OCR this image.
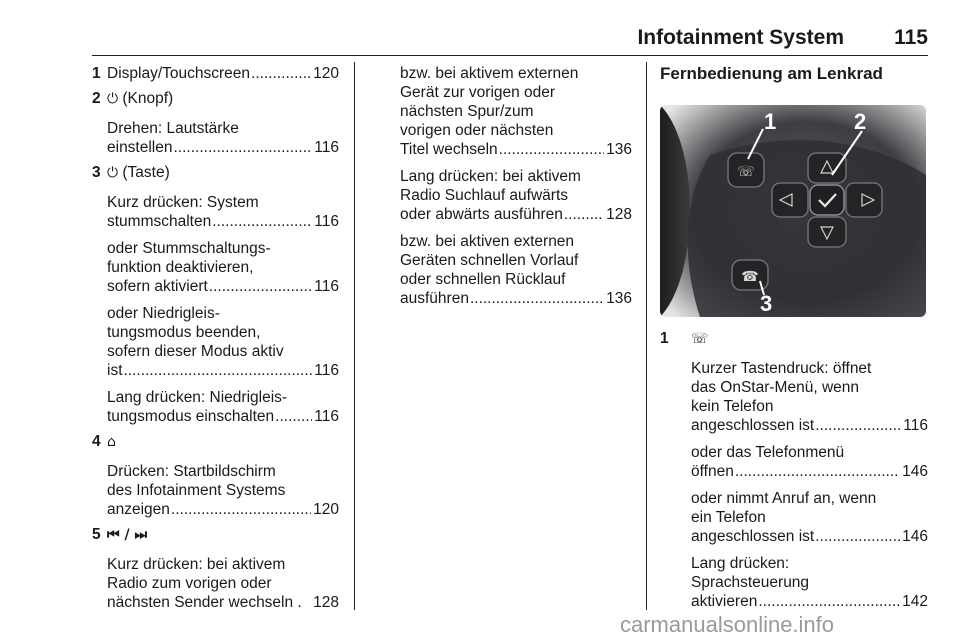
Infotainment System 115
1 Display/Touchscreen .....	120
2 ⏻ (Knopf)
Drehen: Lautstärke
einstellen .....	116
3 ⏻ (Taste)
Kurz drücken: System
stummschalten .....	116
oder Stummschaltungs-
funktion deaktivieren,
sofern aktiviert .....	116
oder Niedrigleis-
tungsmodus beenden,
sofern dieser Modus aktiv
ist .....	116
Lang drücken: Niedrigleis-
tungsmodus einschalten .....	116
4 ⌂
Drücken: Startbildschirm
des Infotainment Systems
anzeigen .....	120
5 ⏮ / ⏭
Kurz drücken: bei aktivem
Radio zum vorigen oder
nächsten Sender wechseln . 128
bzw. bei aktivem externen
Gerät zur vorigen oder
nächsten Spur/zum
vorigen oder nächsten
Titel wechseln .....	136
Lang drücken: bei aktivem
Radio Suchlauf aufwärts
oder abwärts ausführen .....	128
bzw. bei aktiven externen
Geräten schnellen Vorlauf
oder schnellen Rücklauf
ausführen .....	136
Fernbedienung am Lenkrad
☏
☎
1	2
3
1	☏
Kurzer Tastendruck: öffnet
das OnStar-Menü, wenn
kein Telefon
angeschlossen ist .....	116
oder das Telefonmenü
öffnen .....	146
oder nimmt Anruf an, wenn
ein Telefon
angeschlossen ist .....	146
Lang drücken:
Sprachsteuerung
aktivieren .....	142
carmanualsonline.info
